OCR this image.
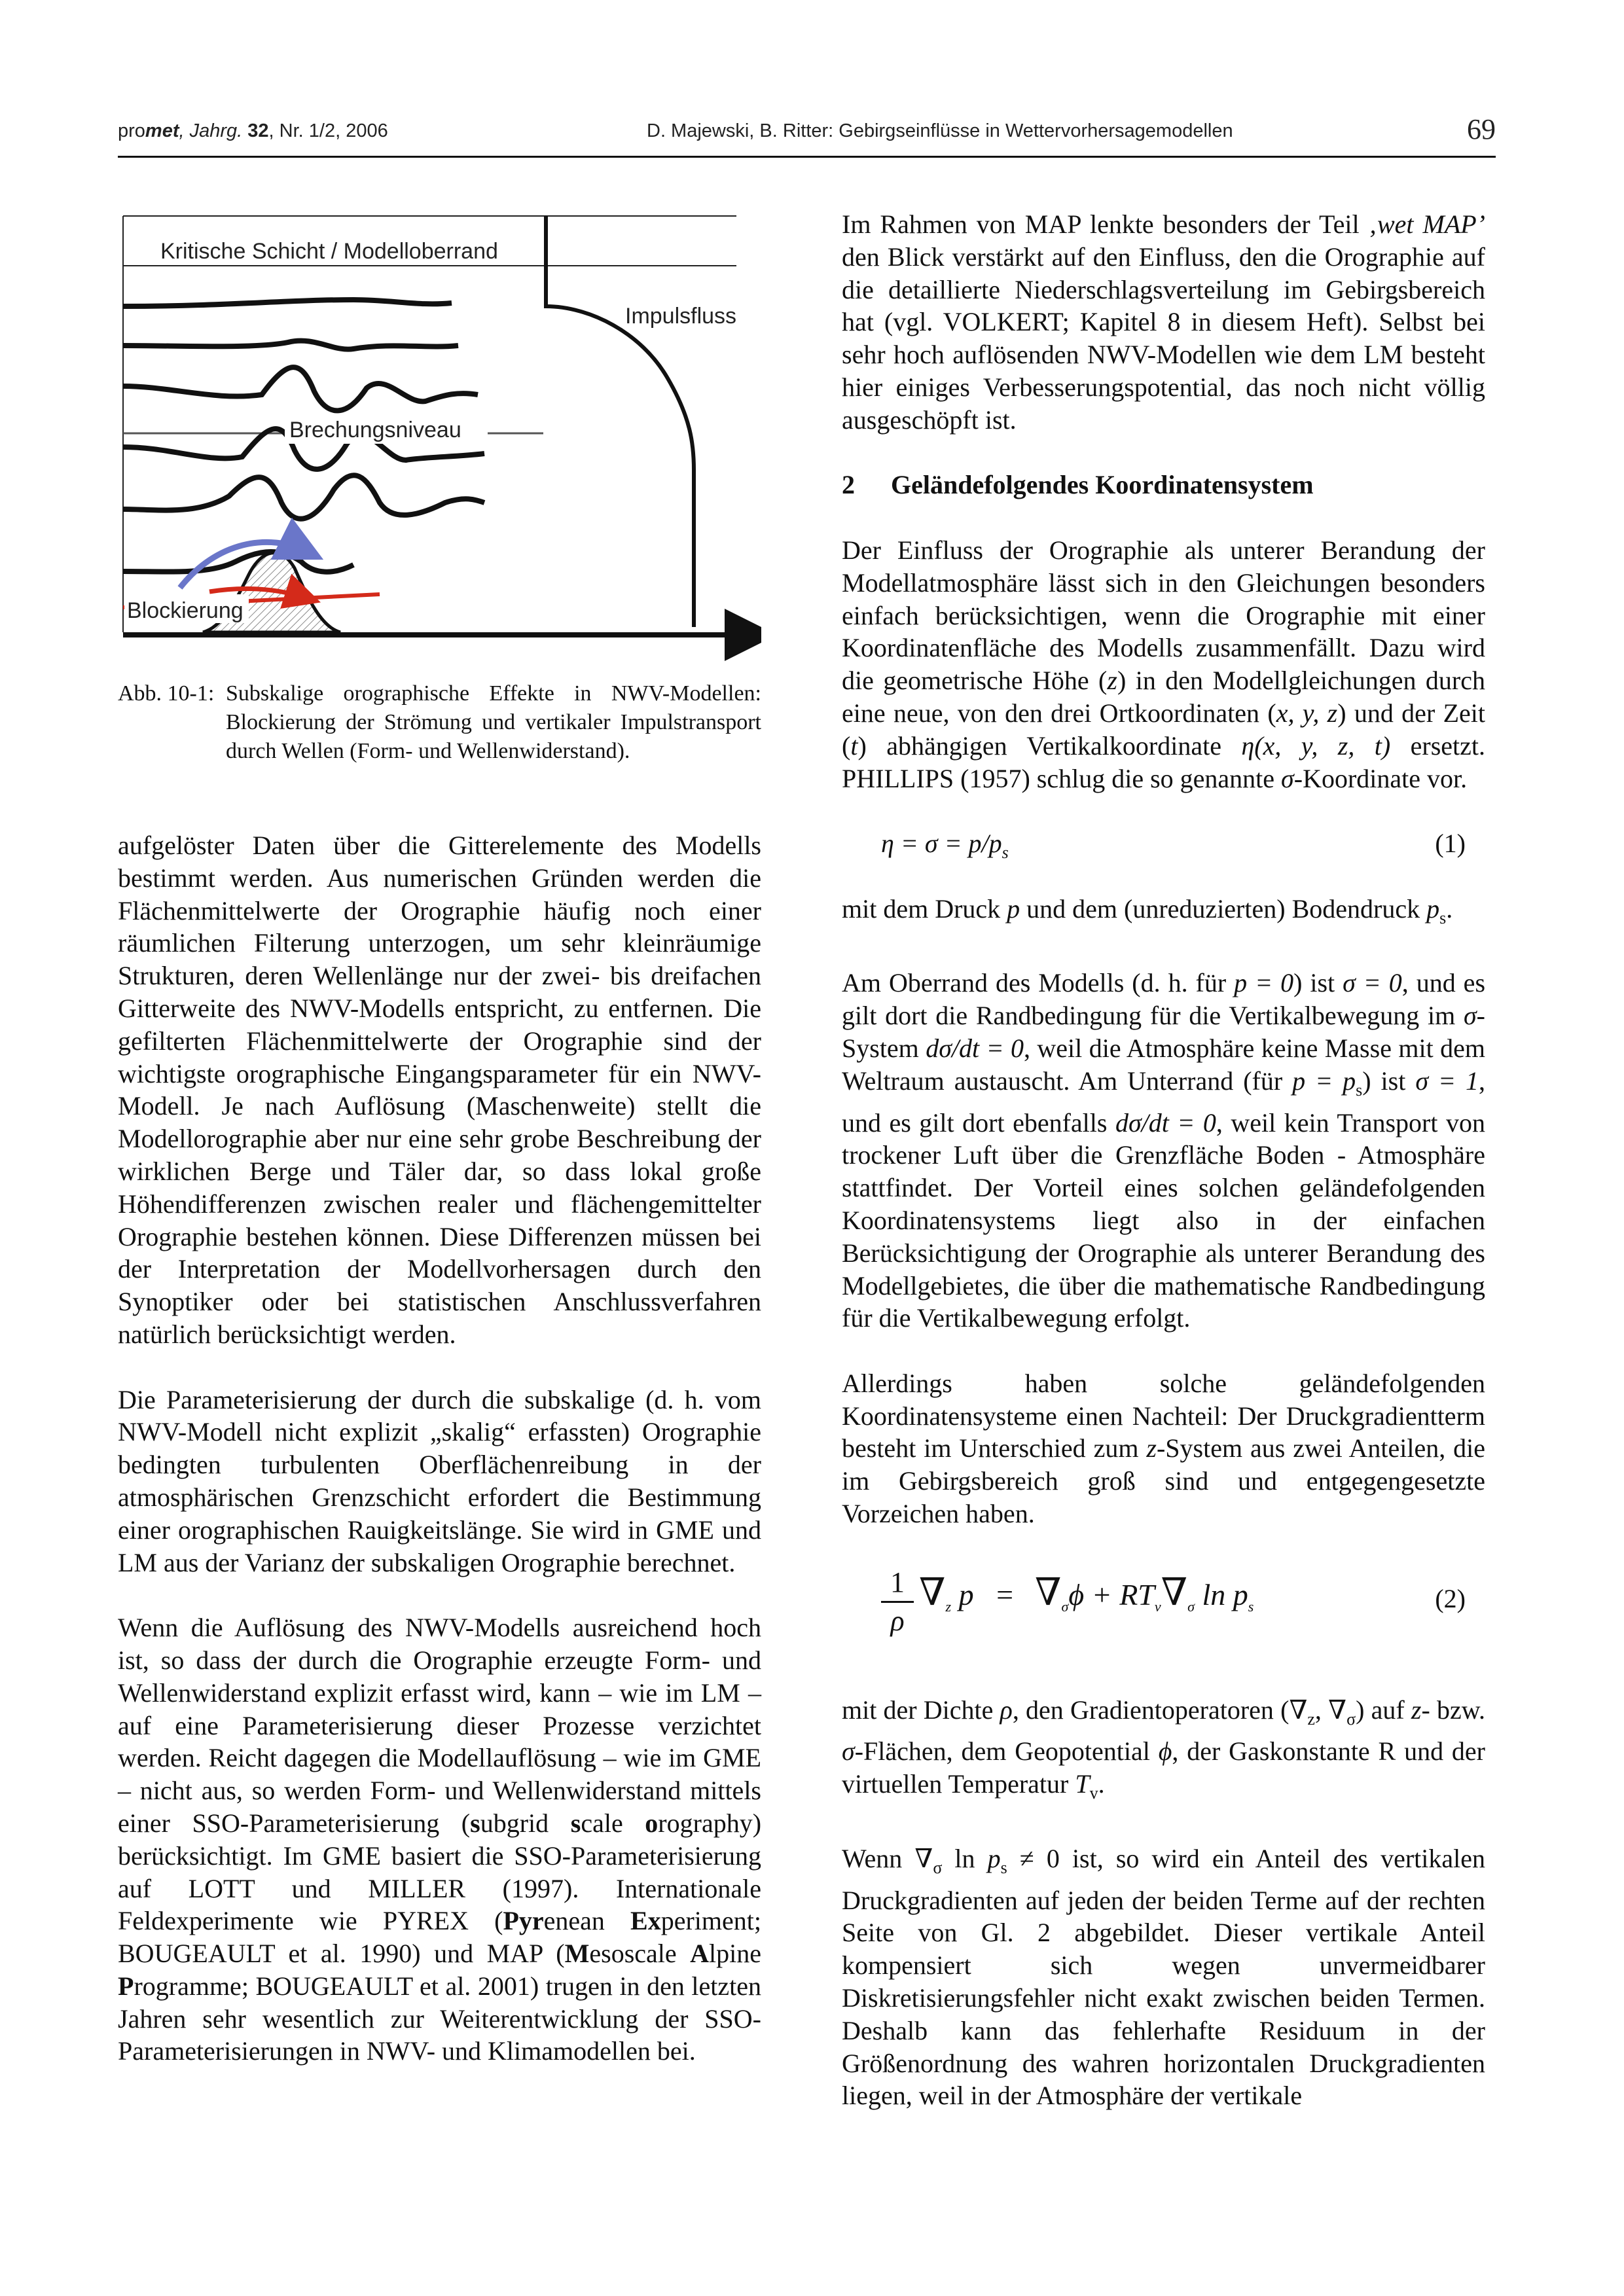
promet, Jahrg. 32, Nr. 1/2, 2006	D. Majewski, B. Ritter: Gebirgseinflüsse in Wettervorhersagemodellen	69
Kritische Schicht / Modelloberrand
Impulsfluss
Brechungsniveau
Blockierung
Abb. 10-1: Subskalige orographische Effekte in NWV-Modellen: Blockierung der Strömung und vertikaler Impulstransport durch Wellen (Form- und Wellenwiderstand).

aufgelöster Daten über die Gitterelemente des Modells bestimmt werden. Aus numerischen Gründen werden die Flächenmittelwerte der Orographie häufig noch einer räumlichen Filterung unterzogen, um sehr kleinräumige Strukturen, deren Wellenlänge nur der zwei- bis dreifachen Gitterweite des NWV-Modells entspricht, zu entfernen. Die gefilterten Flächenmittelwerte der Orographie sind der wichtigste orographische Eingangsparameter für ein NWV-Modell. Je nach Auflösung (Maschenweite) stellt die Modellorographie aber nur eine sehr grobe Beschreibung der wirklichen Berge und Täler dar, so dass lokal große Höhendifferenzen zwischen realer und flächengemittelter Orographie bestehen können. Diese Differenzen müssen bei der Interpretation der Modellvorhersagen durch den Synoptiker oder bei statistischen Anschlussverfahren natürlich berücksichtigt werden.

Die Parameterisierung der durch die subskalige (d. h. vom NWV-Modell nicht explizit „skalig“ erfassten) Orographie bedingten turbulenten Oberflächenreibung in der atmosphärischen Grenzschicht erfordert die Bestimmung einer orographischen Rauigkeitslänge. Sie wird in GME und LM aus der Varianz der subskaligen Orographie berechnet.

Wenn die Auflösung des NWV-Modells ausreichend hoch ist, so dass der durch die Orographie erzeugte Form- und Wellenwiderstand explizit erfasst wird, kann – wie im LM – auf eine Parameterisierung dieser Prozesse verzichtet werden. Reicht dagegen die Modellauflösung – wie im GME – nicht aus, so werden Form- und Wellenwiderstand mittels einer SSO-Parameterisierung (subgrid scale orography) berücksichtigt. Im GME basiert die SSO-Parameterisierung auf LOTT und MILLER (1997). Internationale Feldexperimente wie PYREX (Pyrenean Experiment; BOUGEAULT et al. 1990) und MAP (Mesoscale Alpine Programme; BOUGEAULT et al. 2001) trugen in den letzten Jahren sehr wesentlich zur Weiterentwicklung der SSO-Parameterisierungen in NWV- und Klimamodellen bei.

Im Rahmen von MAP lenkte besonders der Teil ‚wet MAP’ den Blick verstärkt auf den Einfluss, den die Orographie auf die detaillierte Niederschlagsverteilung im Gebirgsbereich hat (vgl. VOLKERT; Kapitel 8 in diesem Heft). Selbst bei sehr hoch auflösenden NWV-Modellen wie dem LM besteht hier einiges Verbesserungspotential, das noch nicht völlig ausgeschöpft ist.

2 Geländefolgendes Koordinatensystem

Der Einfluss der Orographie als unterer Berandung der Modellatmosphäre lässt sich in den Gleichungen besonders einfach berücksichtigen, wenn die Orographie mit einer Koordinatenfläche des Modells zusammenfällt. Dazu wird die geometrische Höhe (z) in den Modellgleichungen durch eine neue, von den drei Ortkoordinaten (x, y, z) und der Zeit (t) abhängigen Vertikalkoordinate η(x, y, z, t) ersetzt. PHILLIPS (1957) schlug die so genannte σ-Koordinate vor.

$\eta = \sigma = p/p_s$	(1)

mit dem Druck p und dem (unreduzierten) Bodendruck $p_s$.

Am Oberrand des Modells (d. h. für p = 0) ist σ = 0, und es gilt dort die Randbedingung für die Vertikalbewegung im σ-System dσ/dt = 0, weil die Atmosphäre keine Masse mit dem Weltraum austauscht. Am Unterrand (für $p = p_s$) ist σ = 1, und es gilt dort ebenfalls dσ/dt = 0, weil kein Transport von trockener Luft über die Grenzfläche Boden - Atmosphäre stattfindet. Der Vorteil eines solchen geländefolgenden Koordinatensystems liegt also in der einfachen Berücksichtigung der Orographie als unterer Berandung des Modellgebietes, die über die mathematische Randbedingung für die Vertikalbewegung erfolgt.

Allerdings haben solche geländefolgenden Koordinatensysteme einen Nachteil: Der Druckgradientterm besteht im Unterschied zum z-System aus zwei Anteilen, die im Gebirgsbereich groß sind und entgegengesetzte Vorzeichen haben.

$\frac{1}{\rho} \nabla_z$ $p = \nabla_\sigma\phi + RT_v\nabla_\sigma$ $\ln p_s$	(2)

mit der Dichte ρ, den Gradientoperatoren ($\nabla_z$, $\nabla_\sigma$) auf z- bzw. σ-Flächen, dem Geopotential ϕ, der Gaskonstante R und der virtuellen Temperatur $T_v$.

Wenn $\nabla_\sigma$ $\ln p_s \ne 0$ ist, so wird ein Anteil des vertikalen Druckgradienten auf jeden der beiden Terme auf der rechten Seite von Gl. 2 abgebildet. Dieser vertikale Anteil kompensiert sich wegen unvermeidbarer Diskretisierungsfehler nicht exakt zwischen beiden Termen. Deshalb kann das fehlerhafte Residuum in der Größenordnung des wahren horizontalen Druckgradienten liegen, weil in der Atmosphäre der vertikale
